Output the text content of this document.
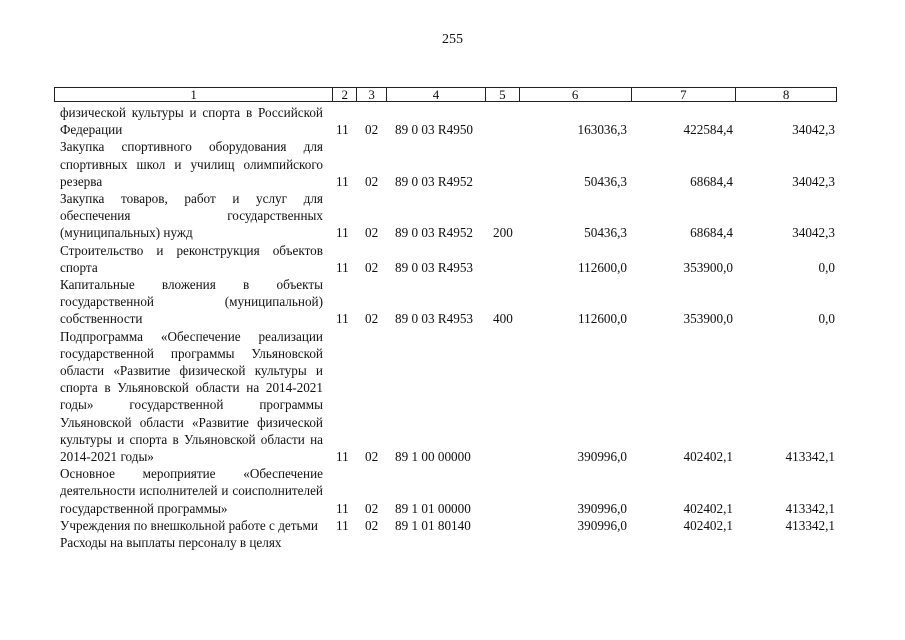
255
1	2	3	4	5	6	7	8
физической культуры и спорта в Российской Федерации	11 02 89 0 03 R4950	163036,3	422584,4	34042,3
Закупка спортивного оборудования для спортивных школ и училищ олимпийского резерва	11 02 89 0 03 R4952	50436,3	68684,4	34042,3
Закупка товаров, работ и услуг для обеспечения государственных (муниципальных) нужд	11 02 89 0 03 R4952 200	50436,3	68684,4	34042,3
Строительство и реконструкция объектов спорта	11 02 89 0 03 R4953	112600,0	353900,0	0,0
Капитальные вложения в объекты государственной (муниципальной) собственности	11 02 89 0 03 R4953 400	112600,0	353900,0	0,0
Подпрограмма «Обеспечение реализации государственной программы Ульяновской области «Развитие физической культуры и спорта в Ульяновской области на 2014-2021 годы» государственной программы Ульяновской области «Развитие физической культуры и спорта в Ульяновской области на 2014-2021 годы»	11 02 89 1 00 00000	390996,0	402402,1	413342,1
Основное мероприятие «Обеспечение деятельности исполнителей и соисполнителей государственной программы»	11 02 89 1 01 00000	390996,0	402402,1	413342,1
Учреждения по внешкольной работе с детьми	11 02 89 1 01 80140	390996,0	402402,1	413342,1
Расходы на выплаты персоналу в целях
